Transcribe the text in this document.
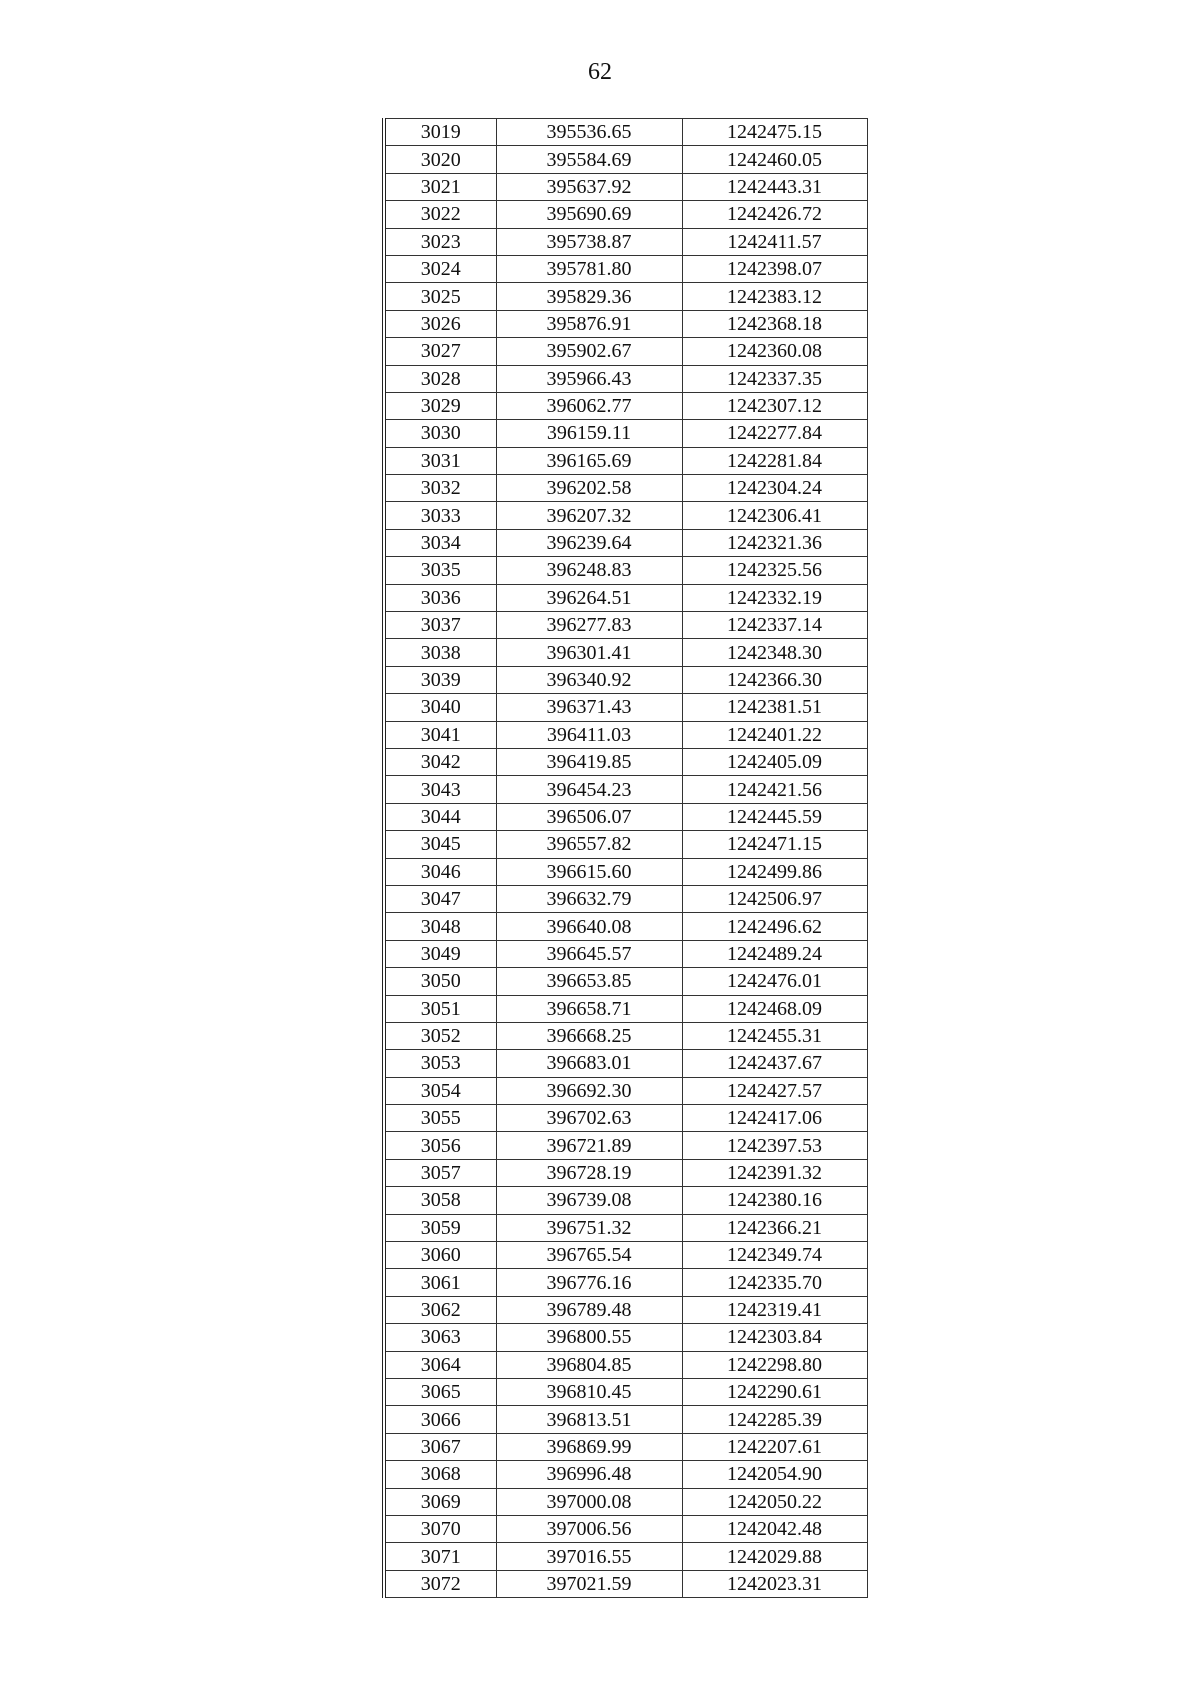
62
3019	395536.65	1242475.15
3020	395584.69	1242460.05
3021	395637.92	1242443.31
3022	395690.69	1242426.72
3023	395738.87	1242411.57
3024	395781.80	1242398.07
3025	395829.36	1242383.12
3026	395876.91	1242368.18
3027	395902.67	1242360.08
3028	395966.43	1242337.35
3029	396062.77	1242307.12
3030	396159.11	1242277.84
3031	396165.69	1242281.84
3032	396202.58	1242304.24
3033	396207.32	1242306.41
3034	396239.64	1242321.36
3035	396248.83	1242325.56
3036	396264.51	1242332.19
3037	396277.83	1242337.14
3038	396301.41	1242348.30
3039	396340.92	1242366.30
3040	396371.43	1242381.51
3041	396411.03	1242401.22
3042	396419.85	1242405.09
3043	396454.23	1242421.56
3044	396506.07	1242445.59
3045	396557.82	1242471.15
3046	396615.60	1242499.86
3047	396632.79	1242506.97
3048	396640.08	1242496.62
3049	396645.57	1242489.24
3050	396653.85	1242476.01
3051	396658.71	1242468.09
3052	396668.25	1242455.31
3053	396683.01	1242437.67
3054	396692.30	1242427.57
3055	396702.63	1242417.06
3056	396721.89	1242397.53
3057	396728.19	1242391.32
3058	396739.08	1242380.16
3059	396751.32	1242366.21
3060	396765.54	1242349.74
3061	396776.16	1242335.70
3062	396789.48	1242319.41
3063	396800.55	1242303.84
3064	396804.85	1242298.80
3065	396810.45	1242290.61
3066	396813.51	1242285.39
3067	396869.99	1242207.61
3068	396996.48	1242054.90
3069	397000.08	1242050.22
3070	397006.56	1242042.48
3071	397016.55	1242029.88
3072	397021.59	1242023.31
